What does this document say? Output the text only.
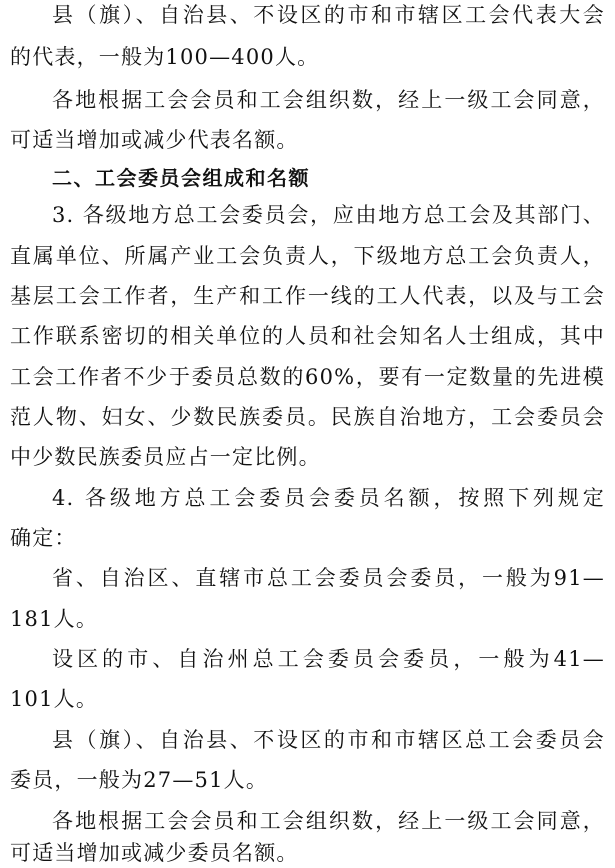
县（旗）、自治县、不设区的市和市辖区工会代表大会
的代表，一般为100—400人。
各地根据工会会员和工会组织数，经上一级工会同意，
可适当增加或减少代表名额。
二、工会委员会组成和名额
3. 各级地方总工会委员会，应由地方总工会及其部门、
直属单位、所属产业工会负责人，下级地方总工会负责人，
基层工会工作者，生产和工作一线的工人代表，以及与工会
工作联系密切的相关单位的人员和社会知名人士组成，其中
工会工作者不少于委员总数的60%，要有一定数量的先进模
范人物、妇女、少数民族委员。民族自治地方，工会委员会
中少数民族委员应占一定比例。
4. 各级地方总工会委员会委员名额，按照下列规定
确定：
省、自治区、直辖市总工会委员会委员，一般为91—
181人。
设区的市、自治州总工会委员会委员，一般为41—
101人。
县（旗）、自治县、不设区的市和市辖区总工会委员会
委员，一般为27—51人。
各地根据工会会员和工会组织数，经上一级工会同意，
可适当增加或减少委员名额。
